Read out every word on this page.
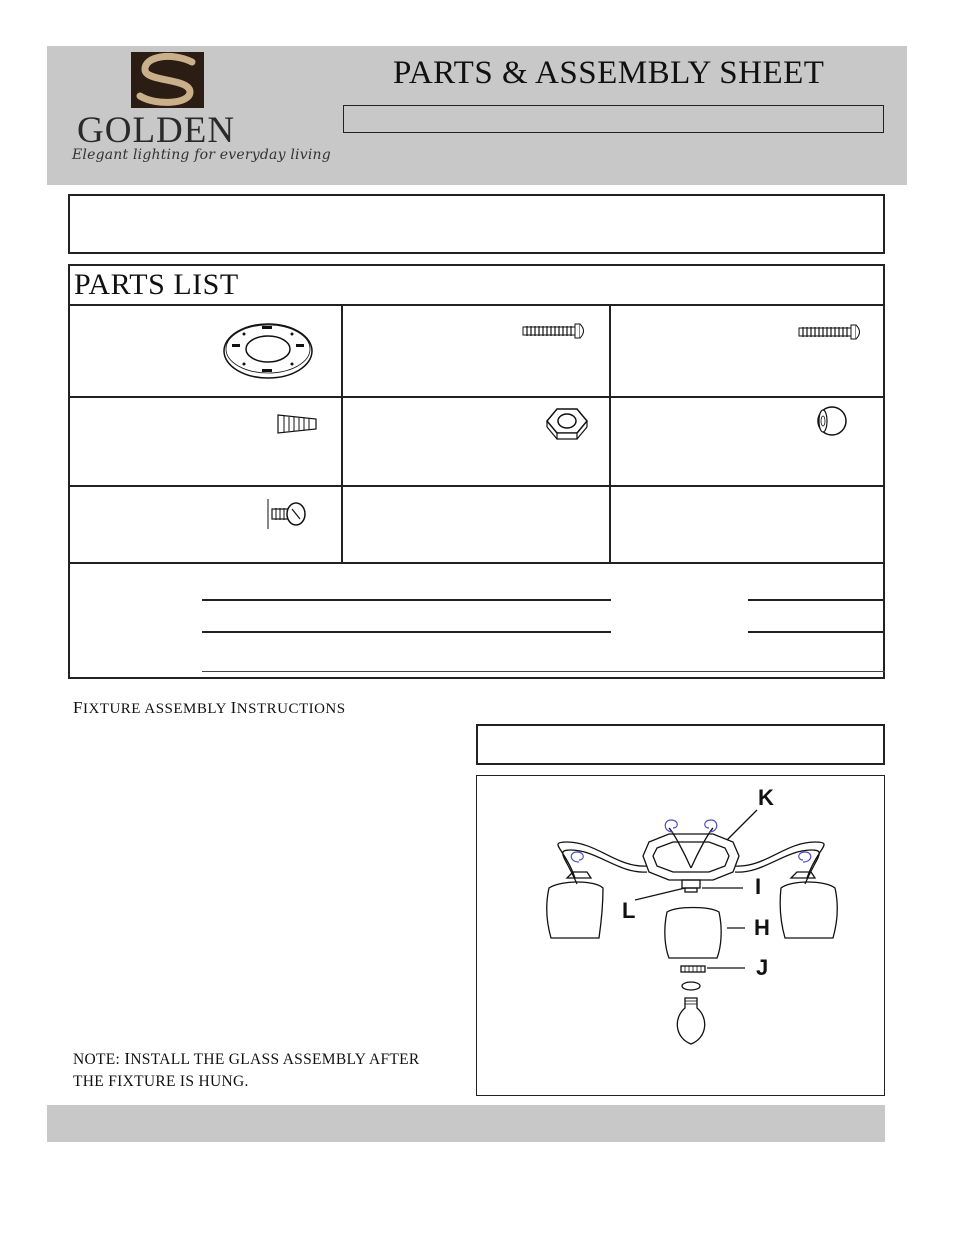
GOLDEN
Elegant lighting for everyday living
PARTS & ASSEMBLY SHEET
PARTS LIST
FIXTURE ASSEMBLY INSTRUCTIONS
K
I
L
H
J
NOTE: INSTALL THE GLASS ASSEMBLY AFTER
THE FIXTURE IS HUNG.
